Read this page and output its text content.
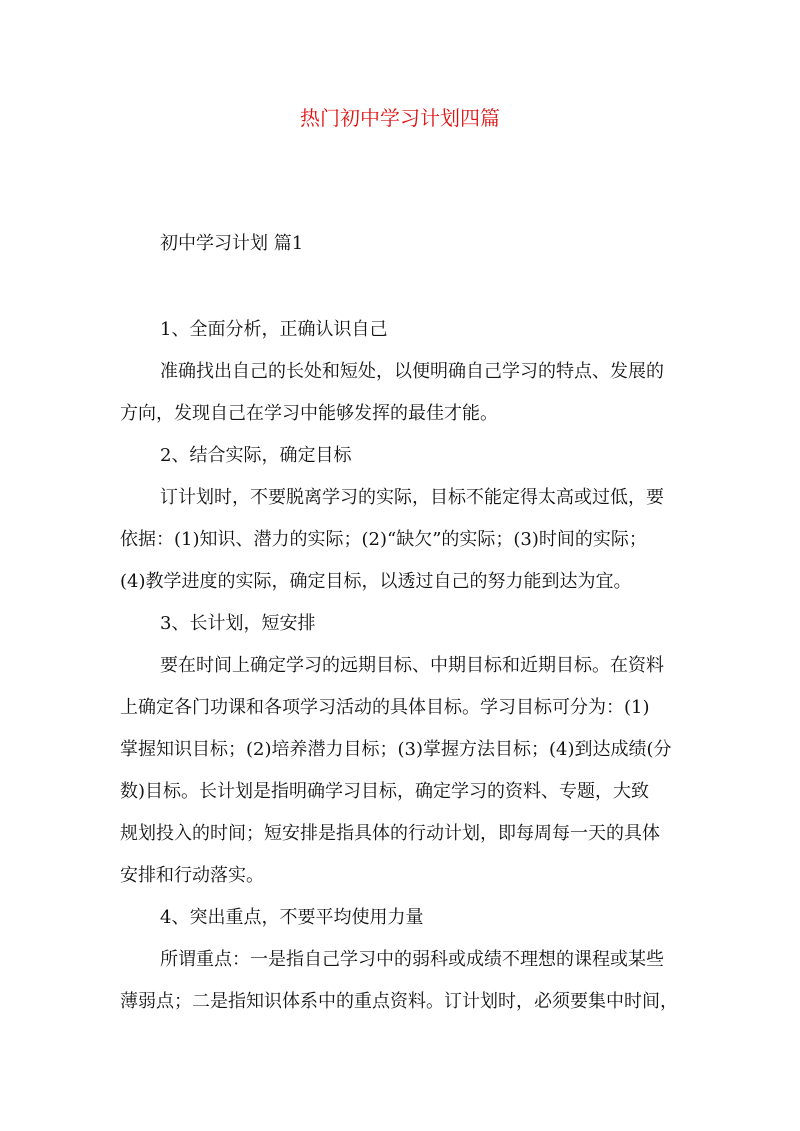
热门初中学习计划四篇
初中学习计划 篇1
1、全面分析，正确认识自己
准确找出自己的长处和短处，以便明确自己学习的特点、发展的
方向，发现自己在学习中能够发挥的最佳才能。
2、结合实际，确定目标
订计划时，不要脱离学习的实际，目标不能定得太高或过低，要
依据：(1)知识、潜力的实际；(2)“缺欠”的实际；(3)时间的实际；
(4)教学进度的实际，确定目标，以透过自己的努力能到达为宜。
3、长计划，短安排
要在时间上确定学习的远期目标、中期目标和近期目标。在资料
上确定各门功课和各项学习活动的具体目标。学习目标可分为：(1)
掌握知识目标；(2)培养潜力目标；(3)掌握方法目标；(4)到达成绩(分
数)目标。长计划是指明确学习目标，确定学习的资料、专题，大致
规划投入的时间；短安排是指具体的行动计划，即每周每一天的具体
安排和行动落实。
4、突出重点，不要平均使用力量
所谓重点：一是指自己学习中的弱科或成绩不理想的课程或某些
薄弱点；二是指知识体系中的重点资料。订计划时，必须要集中时间，
